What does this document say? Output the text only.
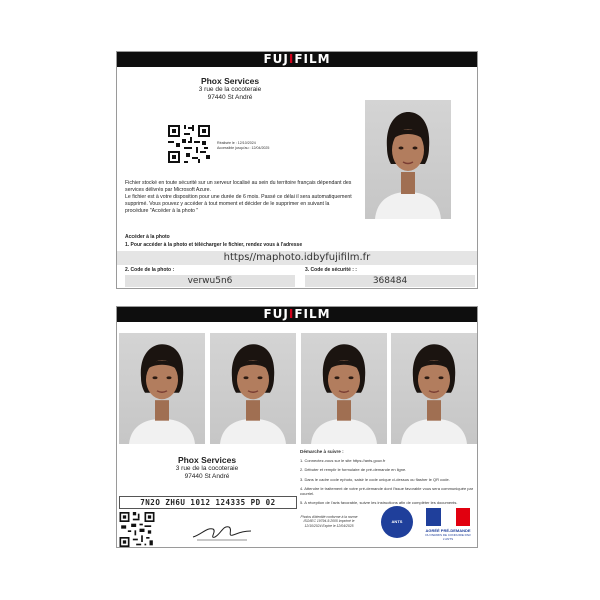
FUJIFILM
Phox Services
3 rue de la cocoteraie
97440 St André
Réalisée le : 12/10/2024
Accessible jusqu'au : 12/04/2025
Fichier stocké en toute sécurité sur un serveur localisé au sein du territoire français dépendant des services délivrés par Microsoft Azure.
Le fichier est à votre disposition pour une durée de 6 mois. Passé ce délai il sera automatiquement supprimé. Vous pouvez y accéder à tout moment et décider de le supprimer en suivant la procédure "Accéder à la photo "
Accéder à la photo
1. Pour accéder à la photo et télécharger le fichier, rendez vous à l'adresse
https//maphoto.idbyfujifilm.fr
2. Code de la photo :
verwu5n6
3. Code de sécurité : :
368484
FUJIFILM
Phox Services
3 rue de la cocoteraie
97440 St André
7N2O ZH6U 1012 124335 PD 02
Démarche à suivre :
1. Connectez-vous sur le site https://ants.gouv.fr
2. Débuter et remplir le formulaire de pré-demande en ligne.
3. Dans le cadre code ephoto, saisir le code unique ci-dessus ou flasher le QR code.
4. Attendre le traitement de votre pré-demande dont l'issue favorable vous sera communiquée par courriel.
5. A réception de l'avis favorable, suivre les instructions afin de compléter les documents.
Photos d'identité conforme à la norme ISO/IEC 19794-5:2005 Imprimé le 12/10/2024 Expire le 12/04/2025
ANTS
AGRÉÉ PRÉ-DEMANDE
DU PERMIS DE CONDUIRE PAR L'ANTS
